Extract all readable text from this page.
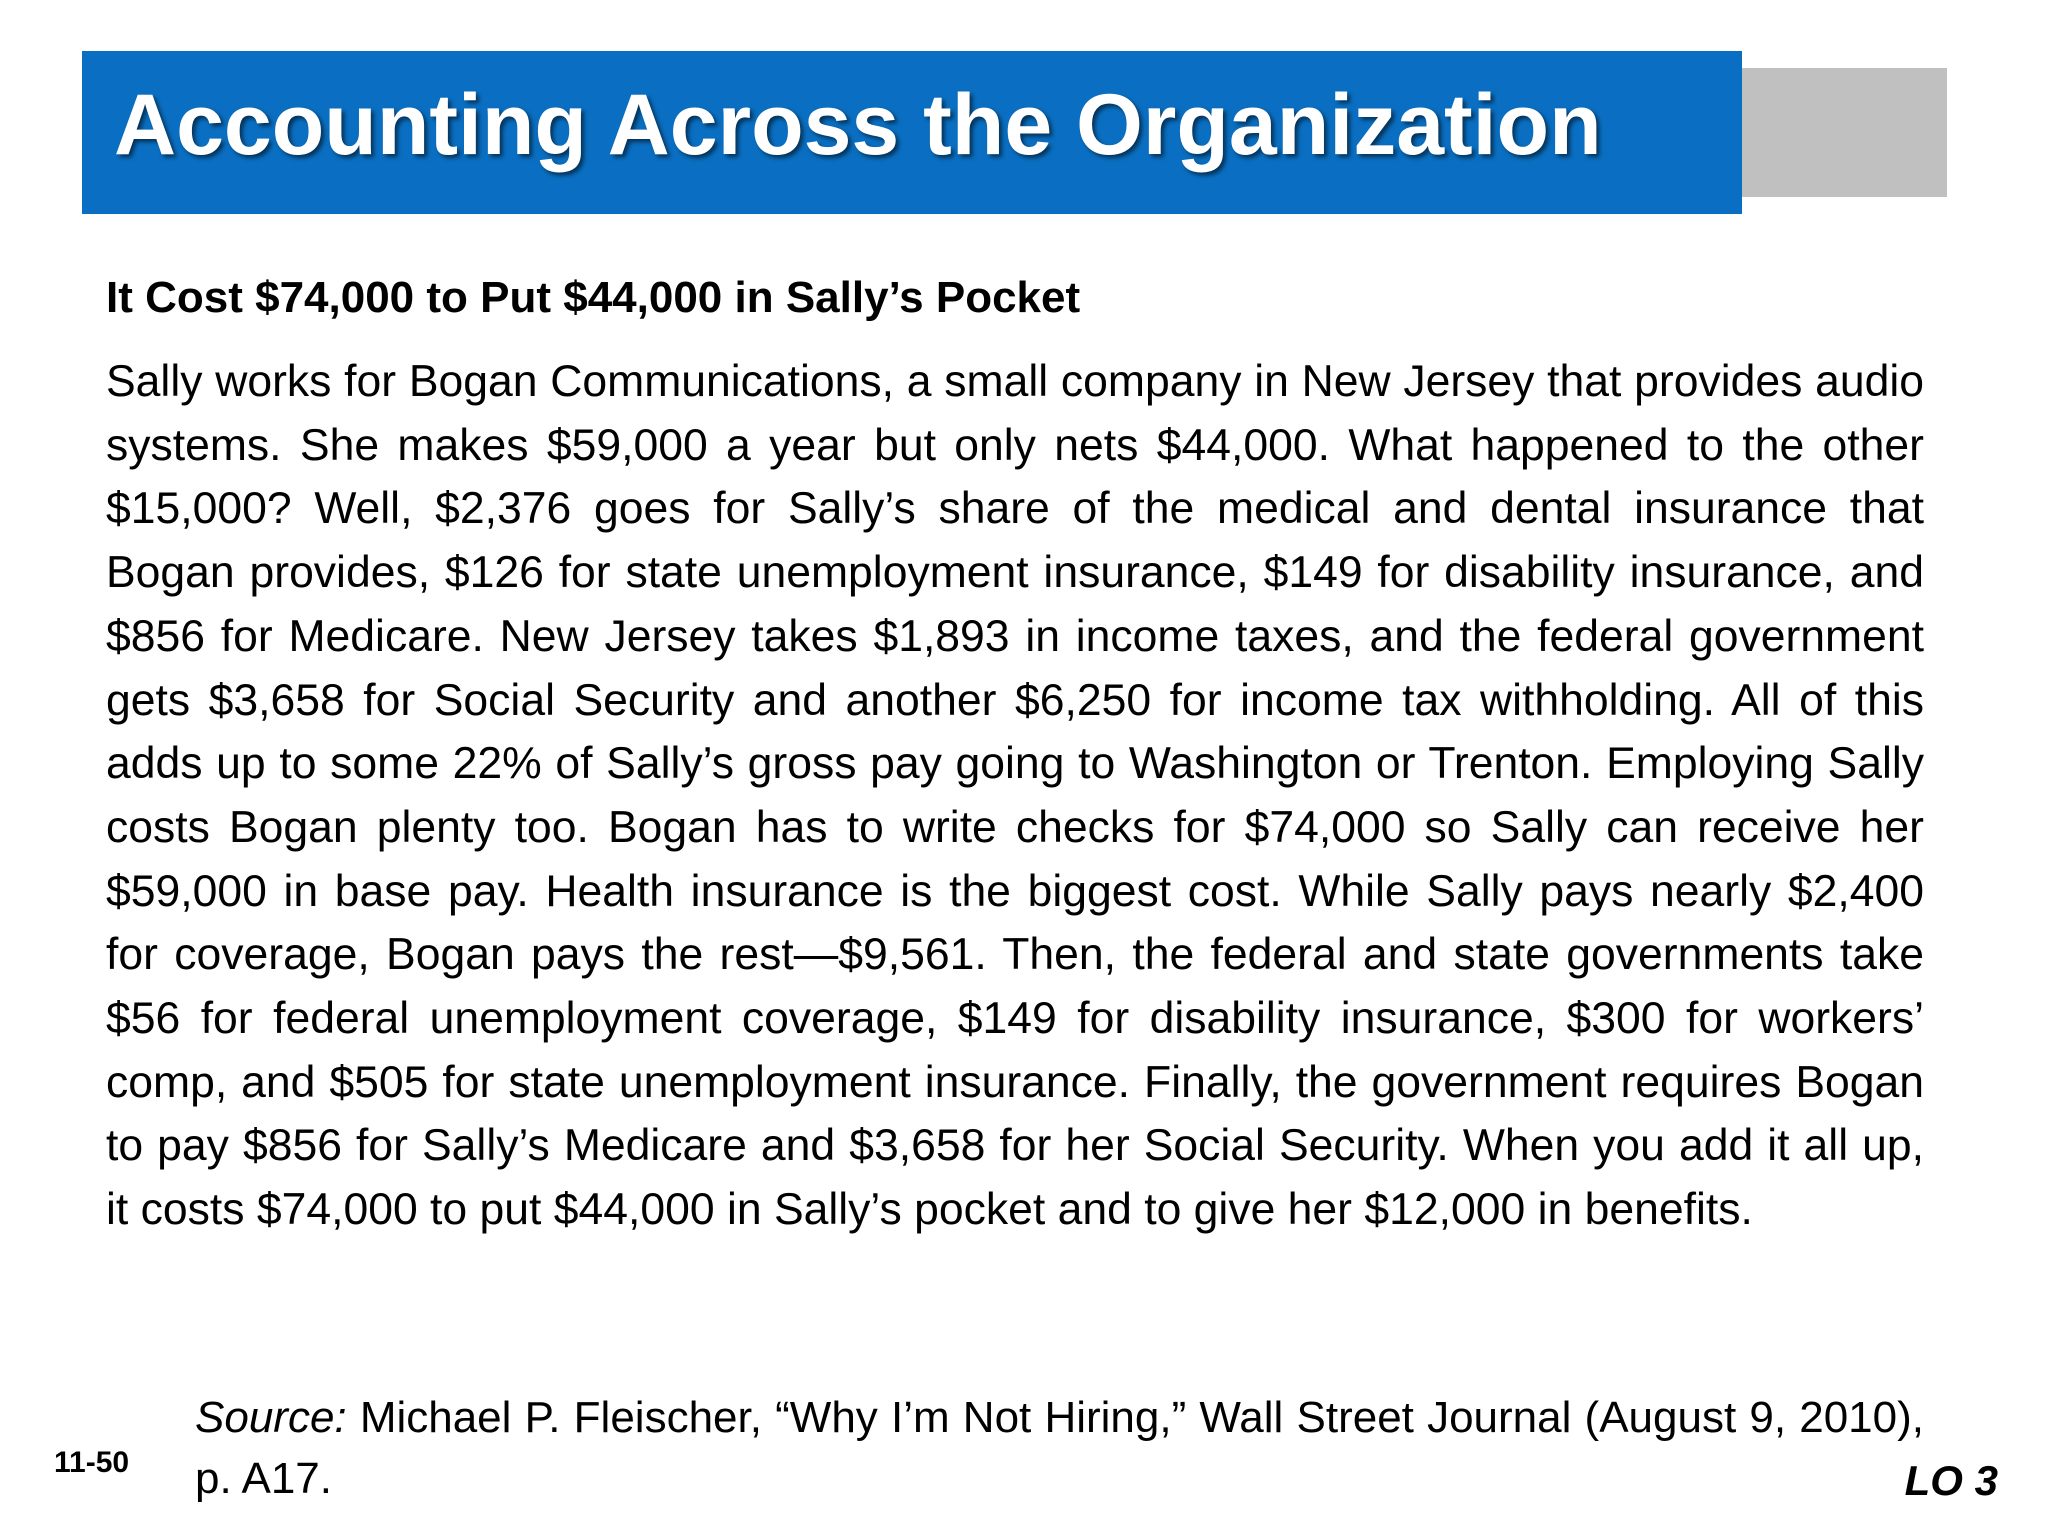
Accounting Across the Organization
It Cost $74,000 to Put $44,000 in Sally’s Pocket

Sally works for Bogan Communications, a small company in New Jersey that provides audio systems. She makes $59,000 a year but only nets $44,000. What happened to the other $15,000? Well, $2,376 goes for Sally’s share of the medical and dental insurance that Bogan provides, $126 for state unemployment insurance, $149 for disability insurance, and $856 for Medicare. New Jersey takes $1,893 in income taxes, and the federal government gets $3,658 for Social Security and another $6,250 for income tax withholding. All of this adds up to some 22% of Sally’s gross pay going to Washington or Trenton. Employing Sally costs Bogan plenty too. Bogan has to write checks for $74,000 so Sally can receive her $59,000 in base pay. Health insurance is the biggest cost. While Sally pays nearly $2,400 for coverage, Bogan pays the rest—$9,561. Then, the federal and state governments take $56 for federal unemployment coverage, $149 for disability insurance, $300 for workers’ comp, and $505 for state unemployment insurance. Finally, the government requires Bogan to pay $856 for Sally’s Medicare and $3,658 for her Social Security. When you add it all up, it costs $74,000 to put $44,000 in Sally’s pocket and to give her $12,000 in benefits.

Source: Michael P. Fleischer, “Why I’m Not Hiring,” Wall Street Journal (August 9, 2010), p. A17.

11-50	LO 3
